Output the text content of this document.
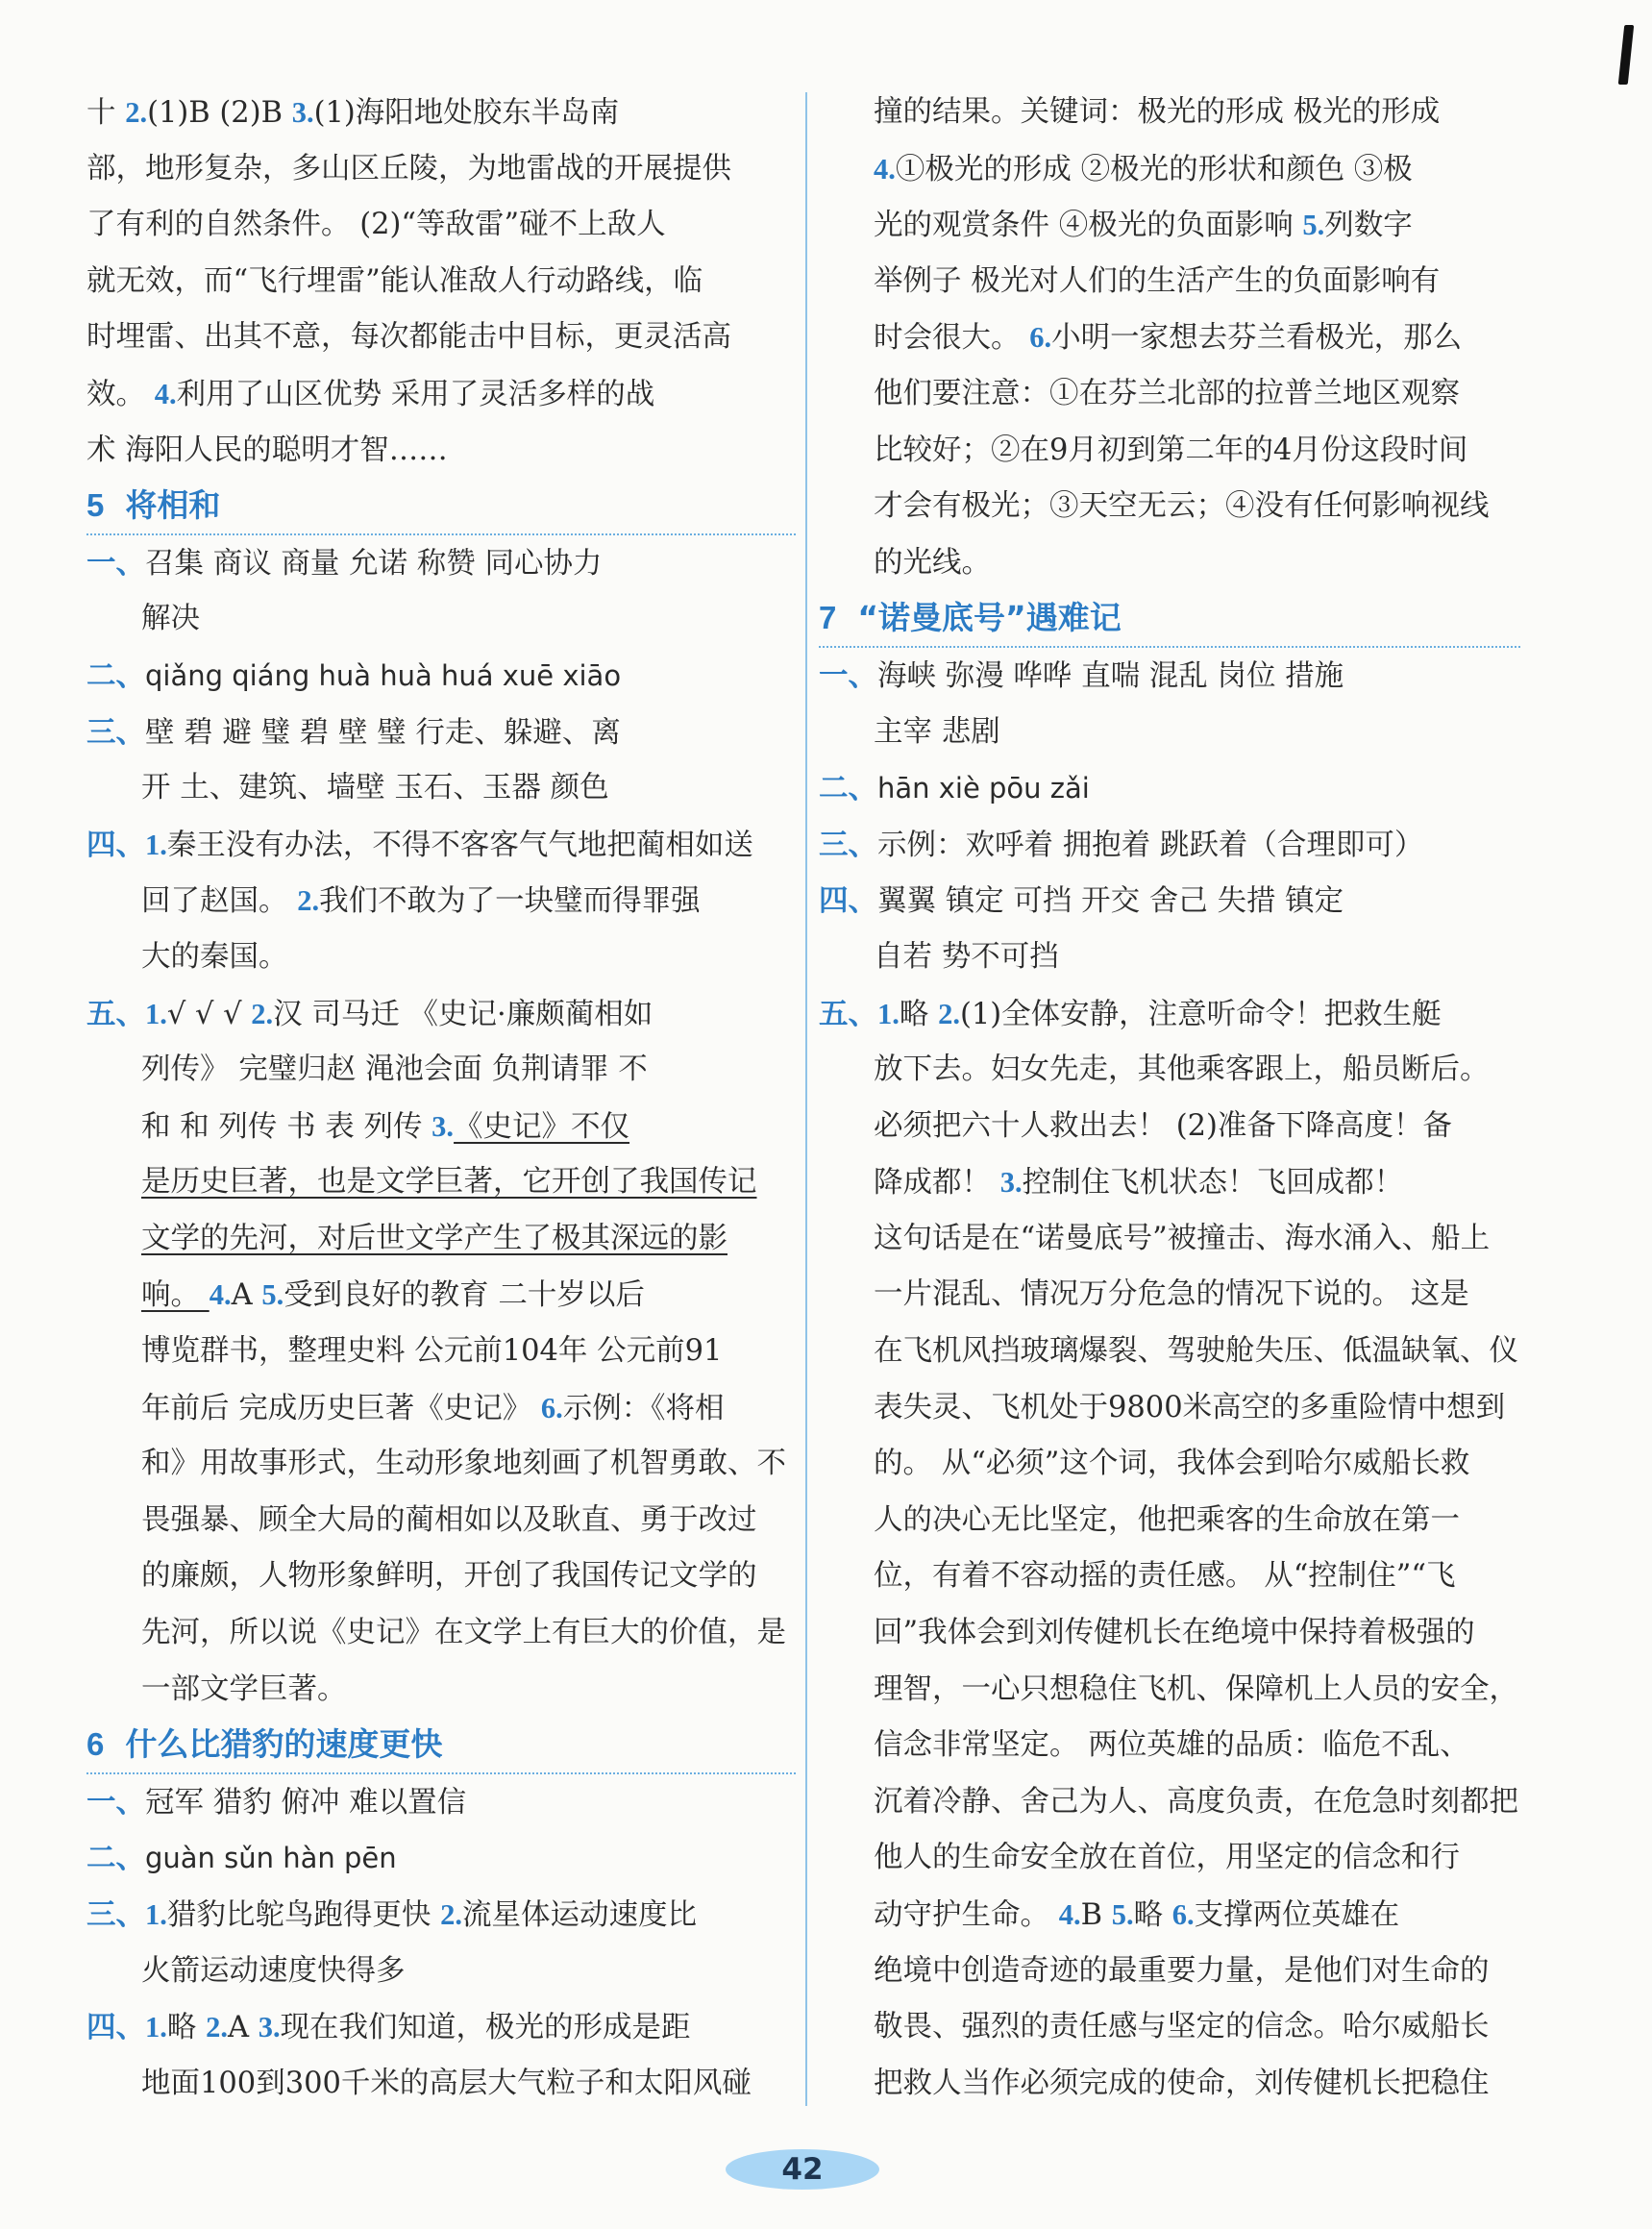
十 2.(1)B (2)B 3.(1)海阳地处胶东半岛南
部，地形复杂，多山区丘陵，为地雷战的开展提供
了有利的自然条件。 (2)“等敌雷”碰不上敌人
就无效，而“飞行埋雷”能认准敌人行动路线，临
时埋雷、出其不意，每次都能击中目标，更灵活高
效。 4.利用了山区优势 采用了灵活多样的战
术 海阳人民的聪明才智……
5 将相和
一、召集 商议 商量 允诺 称赞 同心协力
解决
二、qiǎng qiáng huà huà huá xuē xiāo
三、壁 碧 避 璧 碧 壁 璧 行走、躲避、离
开 土、建筑、墙壁 玉石、玉器 颜色
四、1.秦王没有办法，不得不客客气气地把蔺相如送
回了赵国。 2.我们不敢为了一块璧而得罪强
大的秦国。
五、1.√ √ √ 2.汉 司马迁 《史记·廉颇蔺相如
列传》 完璧归赵 渑池会面 负荆请罪 不
和 和 列传 书 表 列传 3.《史记》不仅
是历史巨著，也是文学巨著，它开创了我国传记
文学的先河，对后世文学产生了极其深远的影
响。 4.A 5.受到良好的教育 二十岁以后
博览群书，整理史料 公元前104年 公元前91
年前后 完成历史巨著《史记》 6.示例：《将相
和》用故事形式，生动形象地刻画了机智勇敢、不
畏强暴、顾全大局的蔺相如以及耿直、勇于改过
的廉颇，人物形象鲜明，开创了我国传记文学的
先河，所以说《史记》在文学上有巨大的价值，是
一部文学巨著。
6 什么比猎豹的速度更快
一、冠军 猎豹 俯冲 难以置信
二、guàn sǔn hàn pēn
三、1.猎豹比鸵鸟跑得更快 2.流星体运动速度比
火箭运动速度快得多
四、1.略 2.A 3.现在我们知道，极光的形成是距
地面100到300千米的高层大气粒子和太阳风碰
撞的结果。关键词：极光的形成 极光的形成
4.①极光的形成 ②极光的形状和颜色 ③极
光的观赏条件 ④极光的负面影响 5.列数字
举例子 极光对人们的生活产生的负面影响有
时会很大。 6.小明一家想去芬兰看极光，那么
他们要注意：①在芬兰北部的拉普兰地区观察
比较好；②在9月初到第二年的4月份这段时间
才会有极光；③天空无云；④没有任何影响视线
的光线。
7 “诺曼底号”遇难记
一、海峡 弥漫 哗哗 直喘 混乱 岗位 措施
主宰 悲剧
二、hān xiè pōu zǎi
三、示例：欢呼着 拥抱着 跳跃着（合理即可）
四、翼翼 镇定 可挡 开交 舍己 失措 镇定
自若 势不可挡
五、1.略 2.(1)全体安静，注意听命令！把救生艇
放下去。妇女先走，其他乘客跟上，船员断后。
必须把六十人救出去！ (2)准备下降高度！备
降成都！ 3.控制住飞机状态！飞回成都！
这句话是在“诺曼底号”被撞击、海水涌入、船上
一片混乱、情况万分危急的情况下说的。 这是
在飞机风挡玻璃爆裂、驾驶舱失压、低温缺氧、仪
表失灵、飞机处于9800米高空的多重险情中想到
的。 从“必须”这个词，我体会到哈尔威船长救
人的决心无比坚定，他把乘客的生命放在第一
位，有着不容动摇的责任感。 从“控制住”“飞
回”我体会到刘传健机长在绝境中保持着极强的
理智，一心只想稳住飞机、保障机上人员的安全，
信念非常坚定。 两位英雄的品质：临危不乱、
沉着冷静、舍己为人、高度负责，在危急时刻都把
他人的生命安全放在首位，用坚定的信念和行
动守护生命。 4.B 5.略 6.支撑两位英雄在
绝境中创造奇迹的最重要力量，是他们对生命的
敬畏、强烈的责任感与坚定的信念。哈尔威船长
把救人当作必须完成的使命，刘传健机长把稳住
42
